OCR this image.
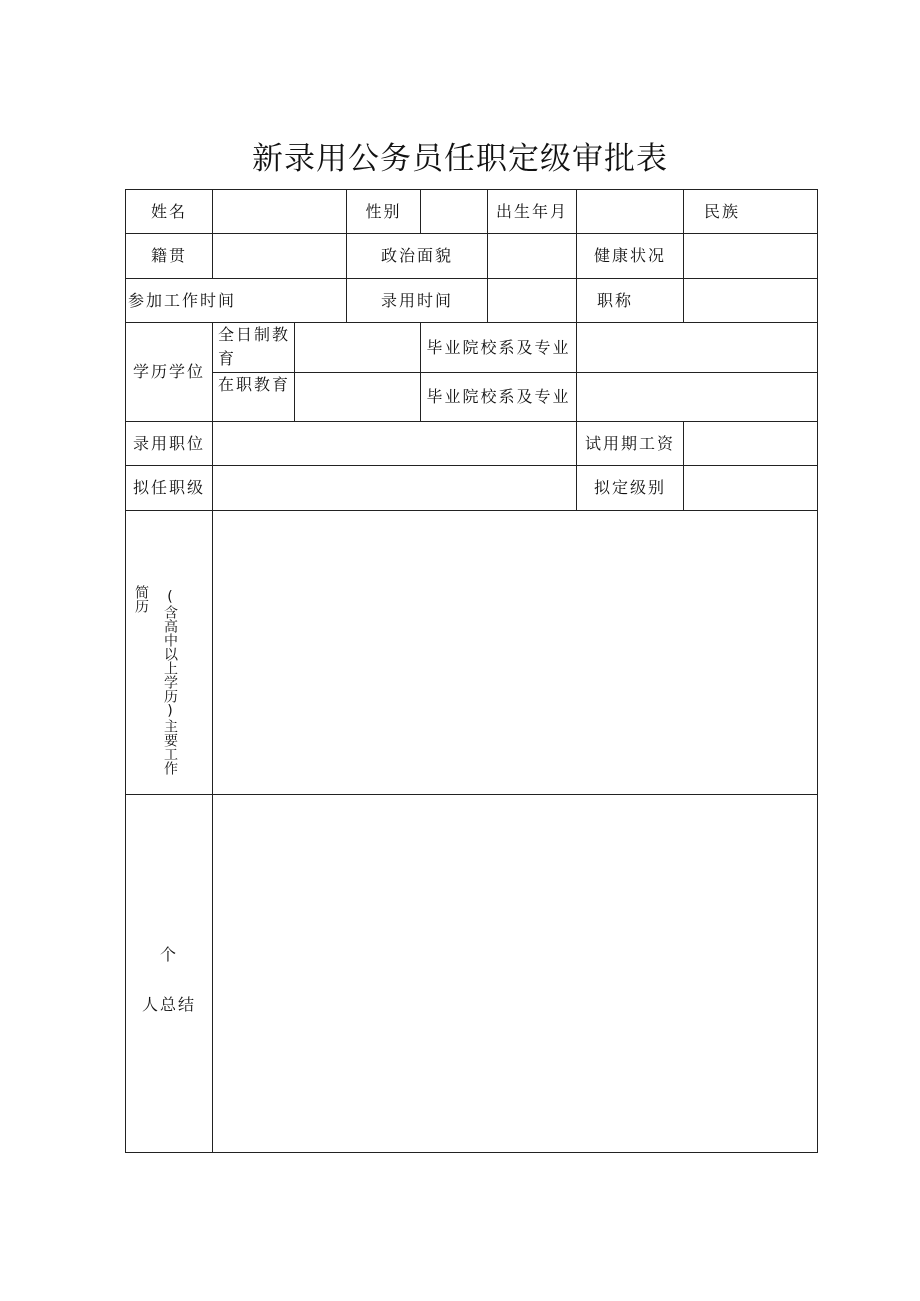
新录用公务员任职定级审批表
姓名			性别		出生年月		民族
籍贯			政治面貌			健康状况	
参加工作时间			录用时间			职称	
学历学位	全日制教育			毕业院校系及专业			
	在职教育			毕业院校系及专业			
录用职位						试用期工资	
拟任职级						拟定级别	

简历 (含高中以上学历)主要工作							

个
人总结							
